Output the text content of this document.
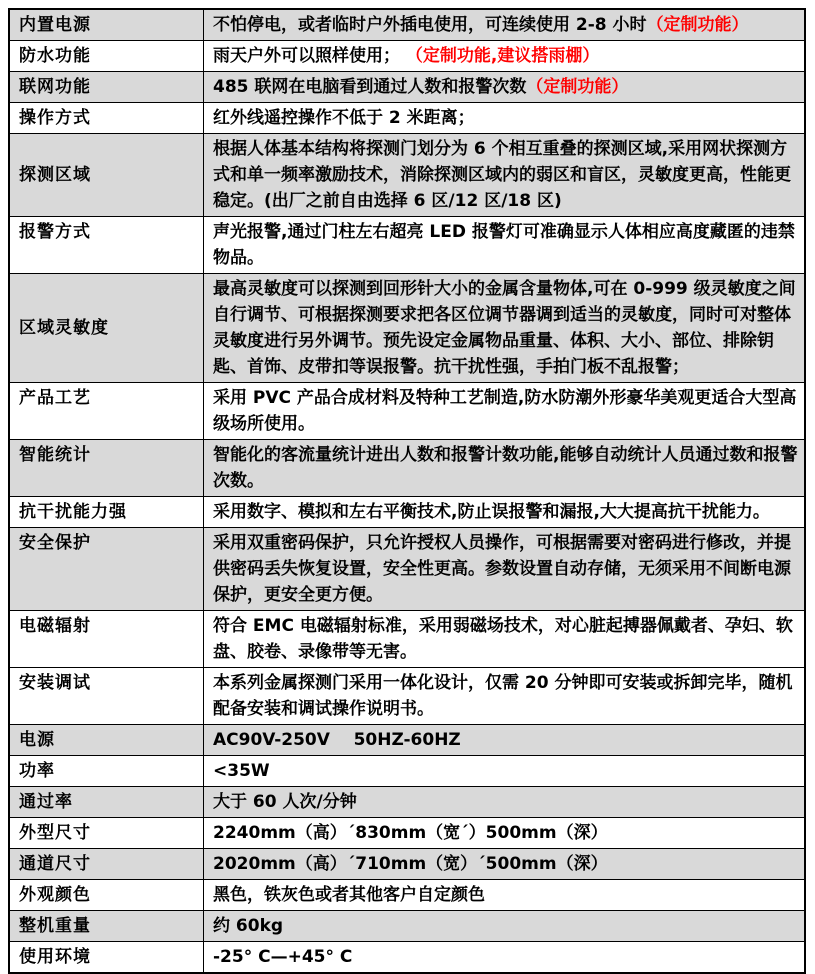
内置电源	不怕停电，或者临时户外插电使用，可连续使用 2-8 小时（定制功能）
防水功能	雨天户外可以照样使用； （定制功能,建议搭雨棚）
联网功能	485 联网在电脑看到通过人数和报警次数（定制功能）
操作方式	红外线遥控操作不低于 2 米距离；
探测区域	根据人体基本结构将探测门划分为 6 个相互重叠的探测区域,采用网状探测方式和单一频率激励技术，消除探测区域内的弱区和盲区，灵敏度更高，性能更稳定。(出厂之前自由选择 6 区/12 区/18 区)
报警方式	声光报警,通过门柱左右超亮 LED 报警灯可准确显示人体相应高度藏匿的违禁物品。
区域灵敏度	最高灵敏度可以探测到回形针大小的金属含量物体,可在 0-999 级灵敏度之间自行调节、可根据探测要求把各区位调节器调到适当的灵敏度，同时可对整体灵敏度进行另外调节。预先设定金属物品重量、体积、大小、部位、排除钥匙、首饰、皮带扣等误报警。抗干扰性强，手拍门板不乱报警；
产品工艺	采用 PVC 产品合成材料及特种工艺制造,防水防潮外形豪华美观更适合大型高级场所使用。
智能统计	智能化的客流量统计进出人数和报警计数功能,能够自动统计人员通过数和报警次数。
抗干扰能力强	采用数字、模拟和左右平衡技术,防止误报警和漏报,大大提高抗干扰能力。
安全保护	采用双重密码保护，只允许授权人员操作，可根据需要对密码进行修改，并提供密码丢失恢复设置，安全性更高。参数设置自动存储，无须采用不间断电源保护，更安全更方便。
电磁辐射	符合 EMC 电磁辐射标准，采用弱磁场技术，对心脏起搏器佩戴者、孕妇、软盘、胶卷、录像带等无害。
安装调试	本系列金属探测门采用一体化设计，仅需 20 分钟即可安装或拆卸完毕，随机配备安装和调试操作说明书。
电源	AC90V-250V    50HZ-60HZ
功率	<35W
通过率	大于 60 人次/分钟
外型尺寸	2240mm（高）´830mm（宽´）500mm（深）
通道尺寸	2020mm（高）´710mm（宽）´500mm（深）
外观颜色	黑色，铁灰色或者其他客户自定颜色
整机重量	约 60kg
使用环境	-25° C—+45° C
